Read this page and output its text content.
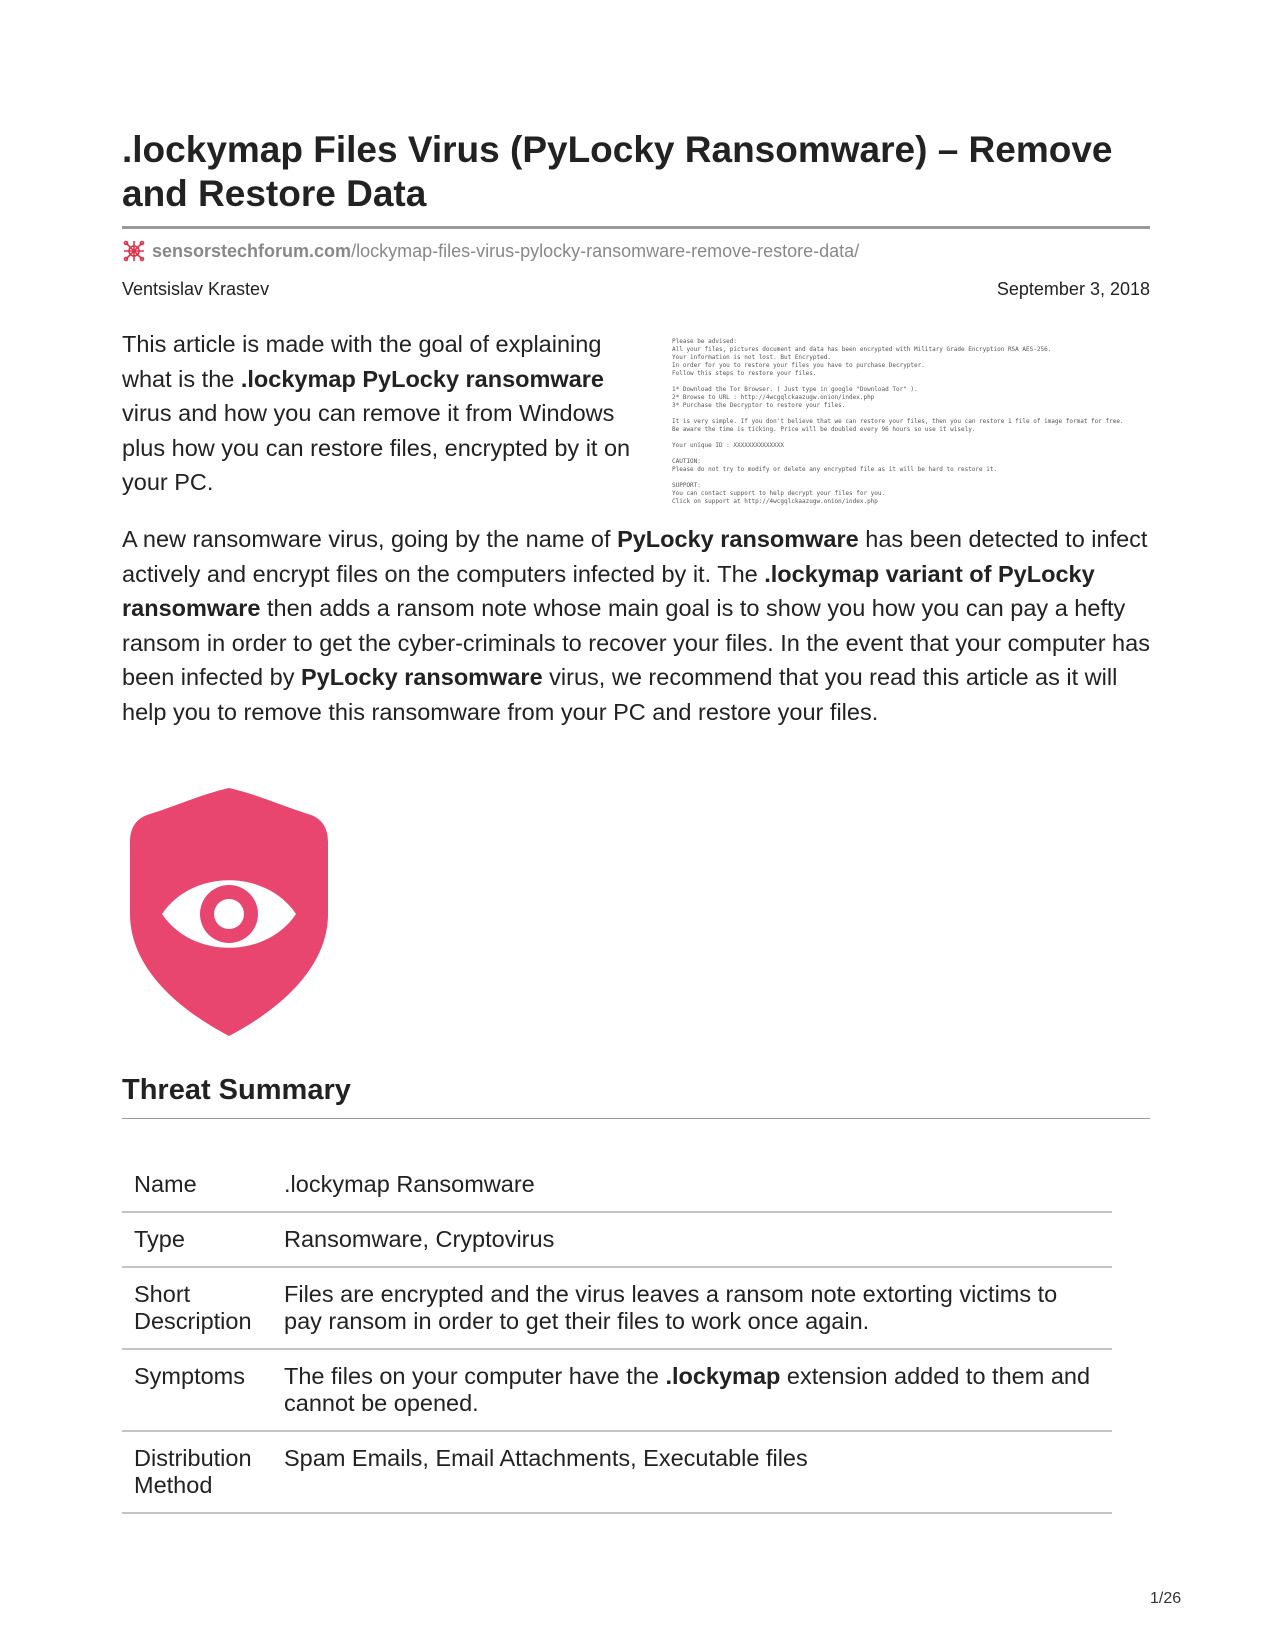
.lockymap Files Virus (PyLocky Ransomware) – Remove and Restore Data
sensorstechforum.com /lockymap-files-virus-pylocky-ransomware-remove-restore-data/
Ventsislav Krastev	September 3, 2018

This article is made with the goal of explaining what is the .lockymap PyLocky ransomware virus and how you can remove it from Windows plus how you can restore files, encrypted by it on your PC.

Please be advised:
All your files, pictures document and data has been encrypted with Military Grade Encryption RSA AES-256.
Your information is not lost. But Encrypted.
In order for you to restore your files you have to purchase Decrypter.
Follow this steps to restore your files.
1* Download the Tor Browser. ( Just type in google "Download Tor" ).
2* Browse to URL : http://4wcgqlckaazugw.onion/index.php
3* Purchase the Decryptor to restore your files.
It is very simple. If you don't believe that we can restore your files, then you can restore 1 file of image format for free.
Be aware the time is ticking. Price will be doubled every 96 hours so use it wisely.
Your unique ID : XXXXXXXXXXXXXX
CAUTION:
Please do not try to modify or delete any encrypted file as it will be hard to restore it.
SUPPORT:
You can contact support to help decrypt your files for you.
Click on support at http://4wcgqlckaazugw.onion/index.php

A new ransomware virus, going by the name of PyLocky ransomware has been detected to infect actively and encrypt files on the computers infected by it. The .lockymap variant of PyLocky ransomware then adds a ransom note whose main goal is to show you how you can pay a hefty ransom in order to get the cyber-criminals to recover your files. In the event that your computer has been infected by PyLocky ransomware virus, we recommend that you read this article as it will help you to remove this ransomware from your PC and restore your files.

Threat Summary
Name	.lockymap Ransomware
Type	Ransomware, Cryptovirus
Short Description	Files are encrypted and the virus leaves a ransom note extorting victims to pay ransom in order to get their files to work once again.
Symptoms	The files on your computer have the .lockymap extension added to them and cannot be opened.
Distribution Method	Spam Emails, Email Attachments, Executable files
1/26
